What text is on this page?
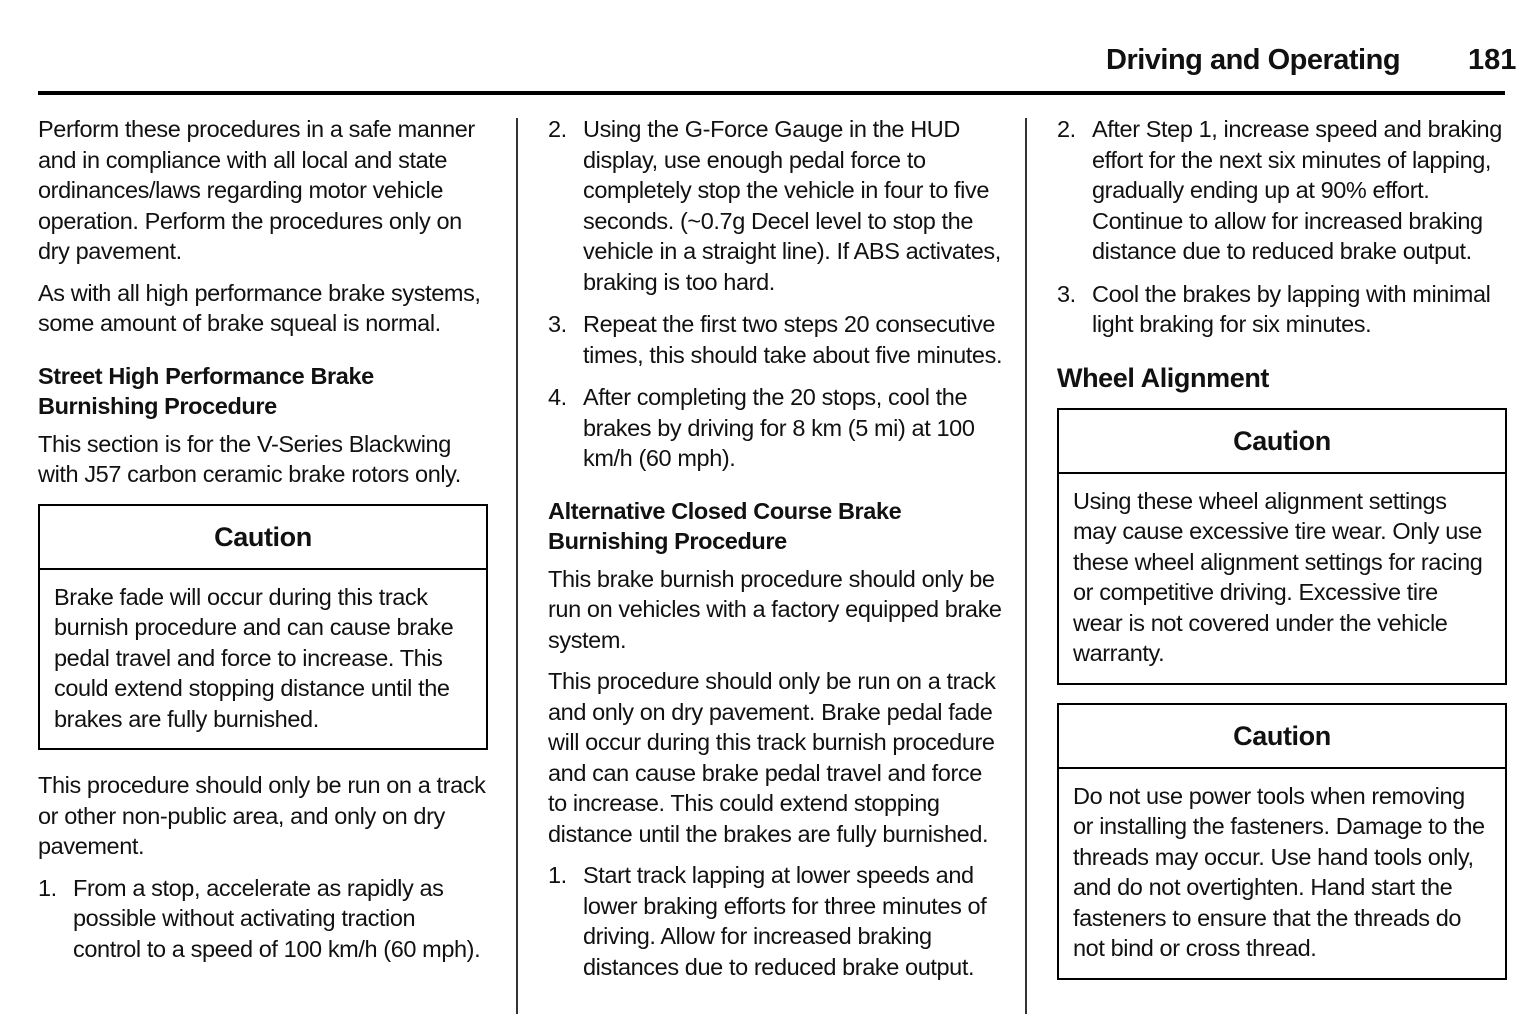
Driving and Operating 181

Perform these procedures in a safe manner and in compliance with all local and state ordinances/laws regarding motor vehicle operation. Perform the procedures only on dry pavement.

As with all high performance brake systems, some amount of brake squeal is normal.

Street High Performance Brake Burnishing Procedure

This section is for the V-Series Blackwing with J57 carbon ceramic brake rotors only.

Caution
Brake fade will occur during this track burnish procedure and can cause brake pedal travel and force to increase. This could extend stopping distance until the brakes are fully burnished.

This procedure should only be run on a track or other non-public area, and only on dry pavement.

1. From a stop, accelerate as rapidly as possible without activating traction control to a speed of 100 km/h (60 mph).
2. Using the G-Force Gauge in the HUD display, use enough pedal force to completely stop the vehicle in four to five seconds. (~0.7g Decel level to stop the vehicle in a straight line). If ABS activates, braking is too hard.
3. Repeat the first two steps 20 consecutive times, this should take about five minutes.
4. After completing the 20 stops, cool the brakes by driving for 8 km (5 mi) at 100 km/h (60 mph).
Alternative Closed Course Brake Burnishing Procedure

This brake burnish procedure should only be run on vehicles with a factory equipped brake system.

This procedure should only be run on a track and only on dry pavement. Brake pedal fade will occur during this track burnish procedure and can cause brake pedal travel and force to increase. This could extend stopping distance until the brakes are fully burnished.

1. Start track lapping at lower speeds and lower braking efforts for three minutes of driving. Allow for increased braking distances due to reduced brake output.
2. After Step 1, increase speed and braking effort for the next six minutes of lapping, gradually ending up at 90% effort. Continue to allow for increased braking distance due to reduced brake output.
3. Cool the brakes by lapping with minimal light braking for six minutes.
Wheel Alignment
Caution
Using these wheel alignment settings may cause excessive tire wear. Only use these wheel alignment settings for racing or competitive driving. Excessive tire wear is not covered under the vehicle warranty.
Caution
Do not use power tools when removing or installing the fasteners. Damage to the threads may occur. Use hand tools only, and do not overtighten. Hand start the fasteners to ensure that the threads do not bind or cross thread.
